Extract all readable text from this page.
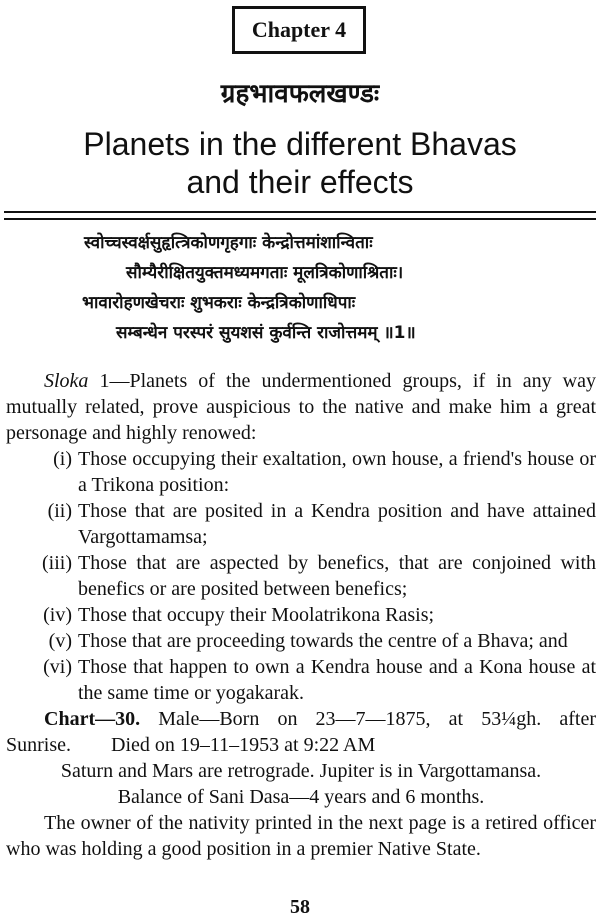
Chapter 4
ग्रहभावफलखण्डः
Planets in the different Bhavas
and their effects
स्वोच्चस्वर्क्षसुहृत्त्रिकोणगृहगाः केन्द्रोत्तमांशान्विताः
सौम्यैरीक्षितयुक्तमध्यमगताः मूलत्रिकोणाश्रिताः।
भावारोहणखेचराः शुभकराः केन्द्रत्रिकोणाधिपाः
सम्बन्धेन परस्परं सुयशसं कुर्वन्ति राजोत्तमम् ॥1॥
Sloka 1—Planets of the undermentioned groups, if in any way mutually related, prove auspicious to the native and make him a great personage and highly renowed:
(i) Those occupying their exaltation, own house, a friend's house or a Trikona position:
(ii) Those that are posited in a Kendra position and have attained Vargottamamsa;
(iii) Those that are aspected by benefics, that are conjoined with benefics or are posited between benefics;
(iv) Those that occupy their Moolatrikona Rasis;
(v) Those that are proceeding towards the centre of a Bhava; and
(vi) Those that happen to own a Kendra house and a Kona house at the same time or yogakarak.
Chart—30. Male—Born on 23—7—1875, at 53¼gh. after Sunrise. Died on 19–11–1953 at 9:22 AM
Saturn and Mars are retrograde. Jupiter is in Vargottamansa.
Balance of Sani Dasa—4 years and 6 months.
The owner of the nativity printed in the next page is a retired officer who was holding a good position in a premier Native State.
58
